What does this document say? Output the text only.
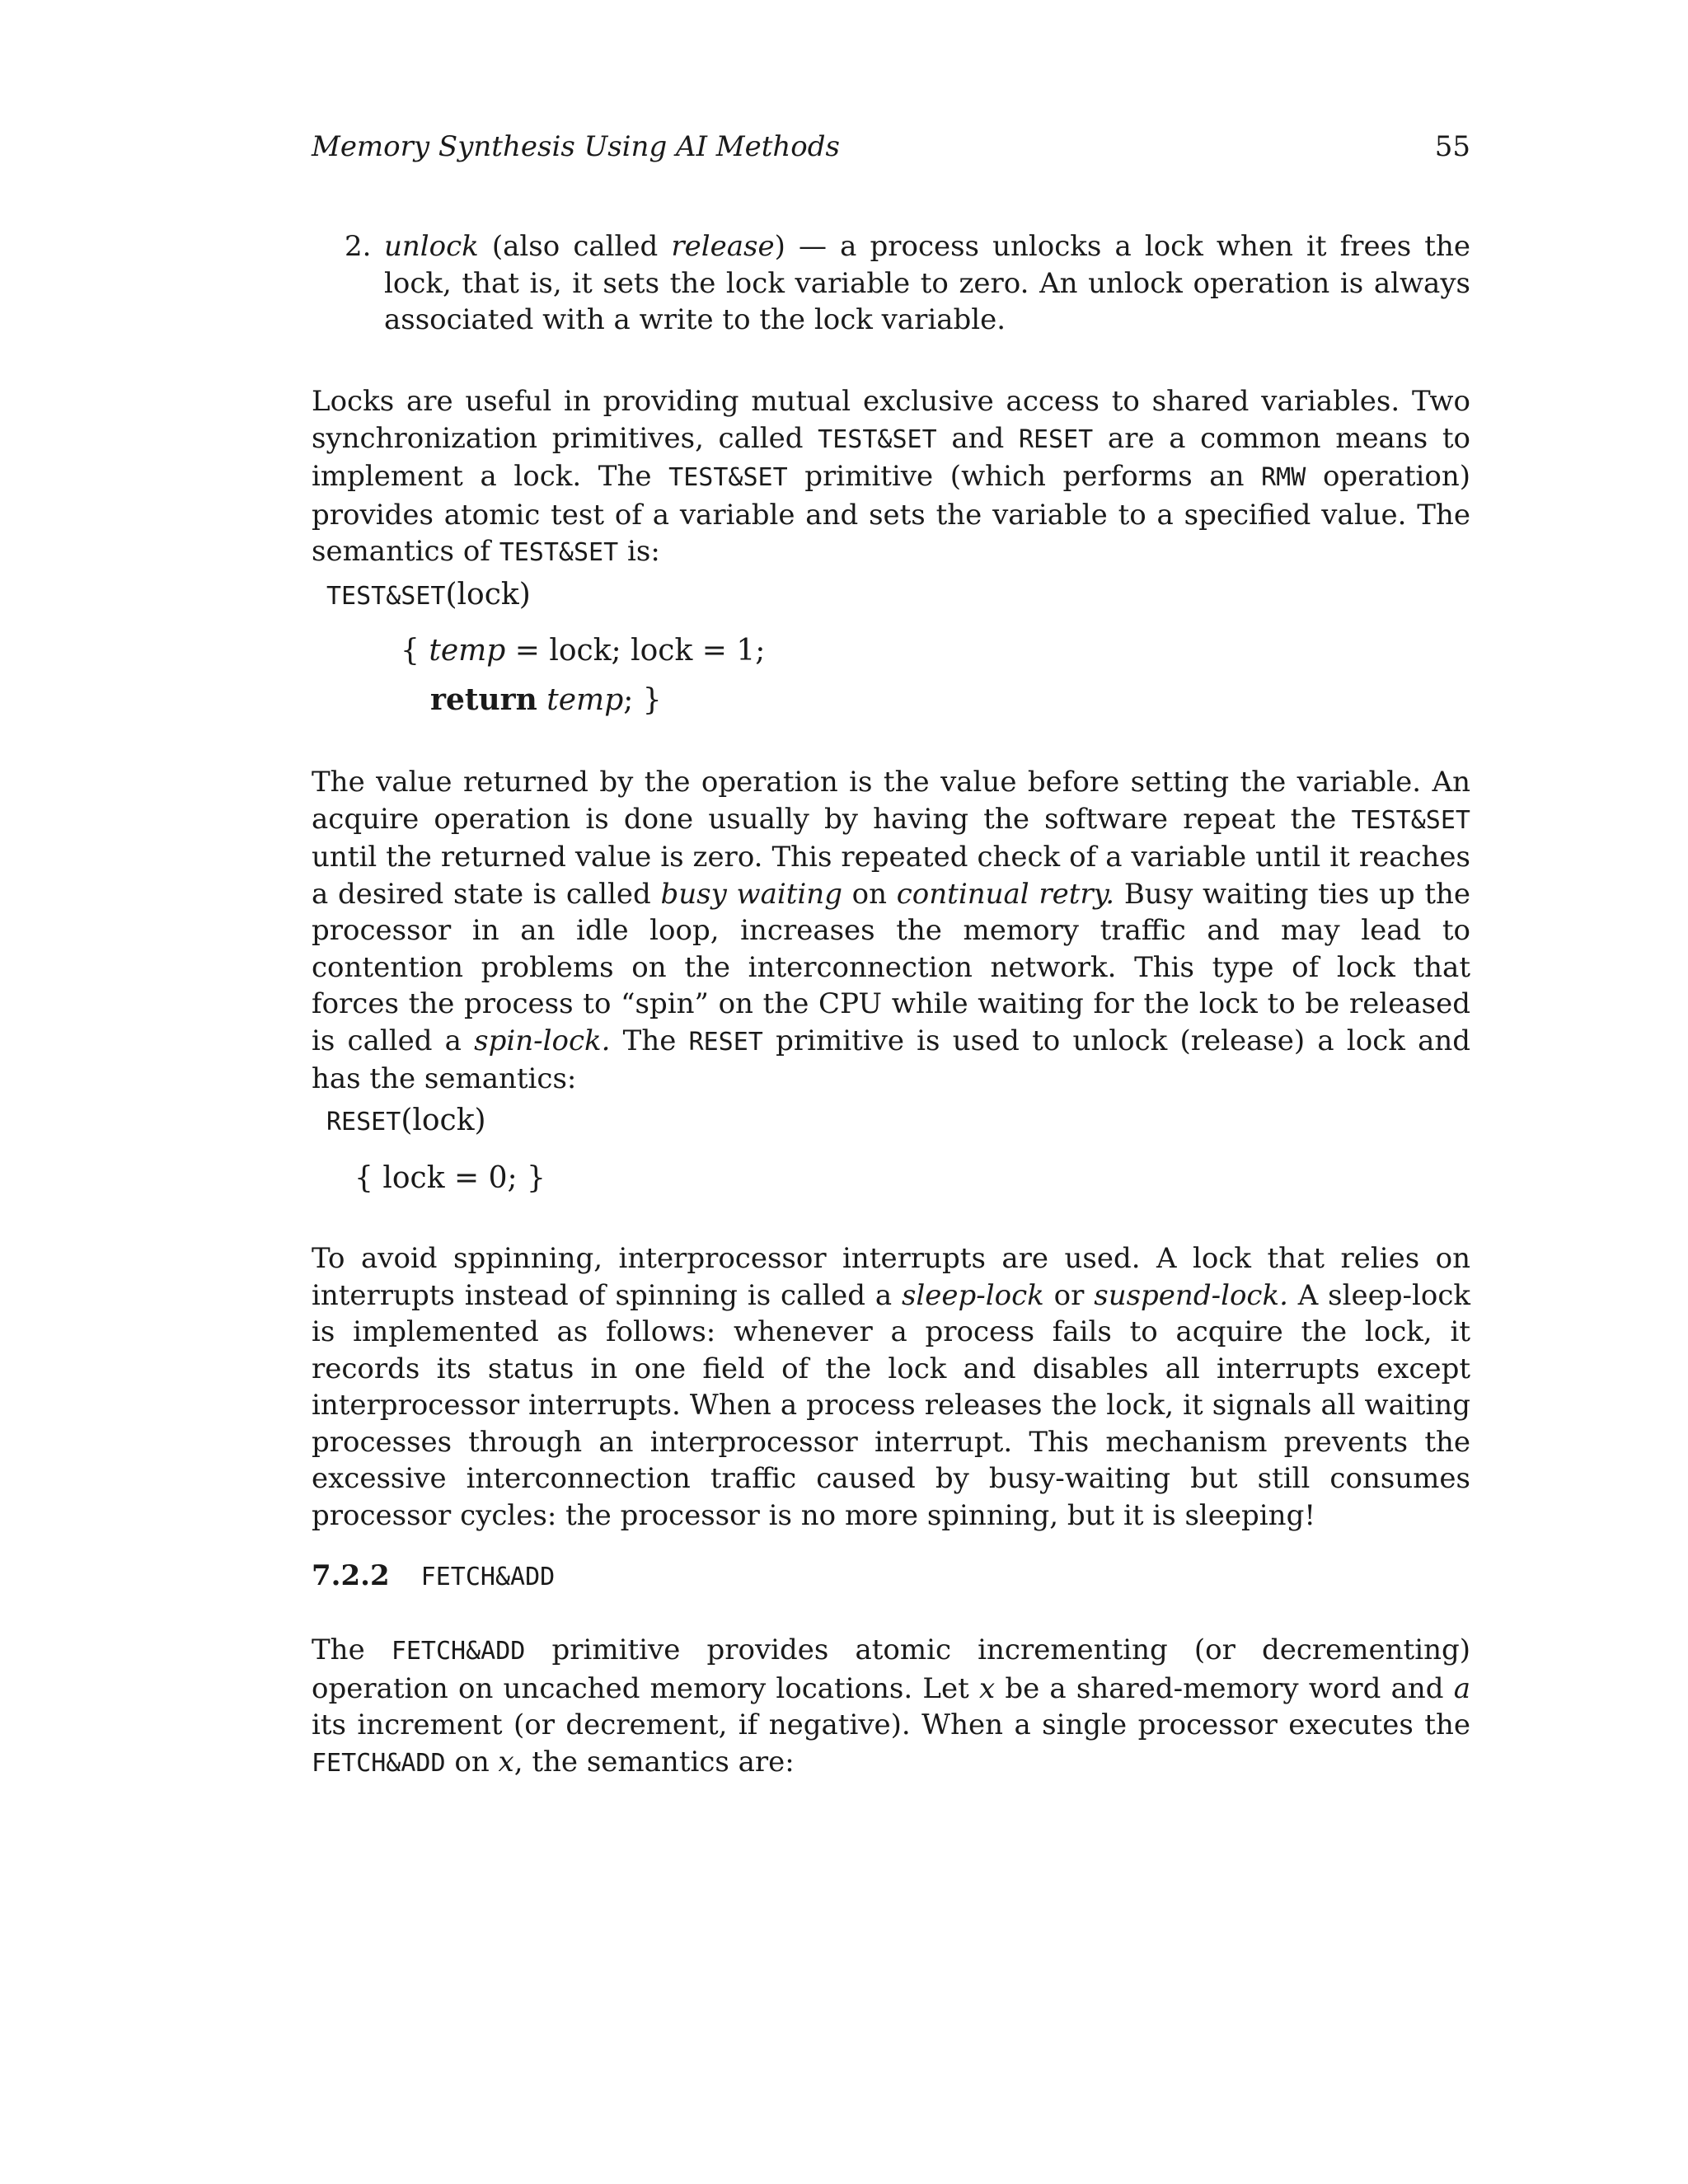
Memory Synthesis Using AI Methods	55
2. unlock (also called release) — a process unlocks a lock when it frees the lock, that is, it sets the lock variable to zero. An unlock operation is always associated with a write to the lock variable.
Locks are useful in providing mutual exclusive access to shared variables. Two synchronization primitives, called TEST&SET and RESET are a common means to implement a lock. The TEST&SET primitive (which performs an RMW operation) provides atomic test of a variable and sets the variable to a specified value. The semantics of TEST&SET is:
TEST&SET(lock)
{ temp = lock; lock = 1;
return temp; }
The value returned by the operation is the value before setting the variable. An acquire operation is done usually by having the software repeat the TEST&SET until the returned value is zero. This repeated check of a variable until it reaches a desired state is called busy waiting on continual retry. Busy waiting ties up the processor in an idle loop, increases the memory traffic and may lead to contention problems on the interconnection network. This type of lock that forces the process to “spin” on the CPU while waiting for the lock to be released is called a spin-lock. The RESET primitive is used to unlock (release) a lock and has the semantics:
RESET(lock)
{ lock = 0; }
To avoid sppinning, interprocessor interrupts are used. A lock that relies on interrupts instead of spinning is called a sleep-lock or suspend-lock. A sleep-lock is implemented as follows: whenever a process fails to acquire the lock, it records its status in one field of the lock and disables all interrupts except interprocessor interrupts. When a process releases the lock, it signals all waiting processes through an interprocessor interrupt. This mechanism prevents the excessive interconnection traffic caused by busy-waiting but still consumes processor cycles: the processor is no more spinning, but it is sleeping!
7.2.2 FETCH&ADD
The FETCH&ADD primitive provides atomic incrementing (or decrementing) operation on uncached memory locations. Let x be a shared-memory word and a its increment (or decrement, if negative). When a single processor executes the FETCH&ADD on x, the semantics are:
